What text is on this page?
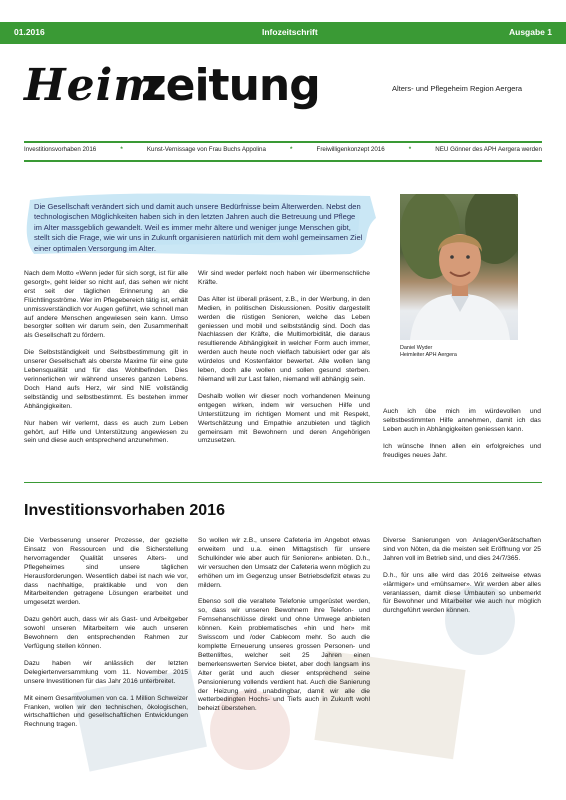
01.2016	Infozeitschrift	Ausgabe 1
Heim
zeitung	Alters- und Pflegeheim Region Aergera
Investitionsvorhaben 2016	*	Kunst-Vernissage von Frau Buchs Appolina	*	Freiwilligenkonzept 2016	*	NEU Gönner des APH Aergera werden
Die Gesellschaft verändert sich und damit auch unsere Bedürfnisse beim Älterwerden. Nebst den technologischen Möglichkeiten haben sich in den letzten Jahren auch die Betreuung und Pflege im Alter massgeblich gewandelt. Weil es immer mehr ältere und weniger junge Menschen gibt, stellt sich die Frage, wie wir uns in Zukunft organisieren natürlich mit dem wohl gemeinsamen Ziel einer optimalen Versorgung im Alter.
Daniel Wyder
Heimleiter APH Aergera

Nach dem Motto «Wenn jeder für sich sorgt, ist für alle gesorgt», geht leider so nicht auf, das sehen wir nicht erst seit der täglichen Erinnerung an die Flüchtlingsströme. Wer im Pflegebereich tätig ist, erhält unmissverständlich vor Augen geführt, wie schnell man auf andere Menschen angewiesen sein kann. Umso besorgter sollten wir darum sein, den Zusammenhalt als Gesellschaft zu fördern.

Die Selbstständigkeit und Selbstbestimmung gilt in unserer Gesellschaft als oberste Maxime für eine gute Lebensqualität und für das Wohlbefinden. Dies verinnerlichen wir während unseres ganzen Lebens. Doch Hand aufs Herz, wir sind NIE vollständig selbständig und selbstbestimmt. Es bestehen immer Abhängigkeiten.

Nur haben wir verlernt, dass es auch zum Leben gehört, auf Hilfe und Unterstützung angewiesen zu sein und diese auch entsprechend anzunehmen.

Wir sind weder perfekt noch haben wir übermenschliche Kräfte.

Das Alter ist überall präsent, z.B., in der Werbung, in den Medien, in politischen Diskussionen. Positiv dargestellt werden die rüstigen Senioren, welche das Leben geniessen und mobil und selbstständig sind. Doch das Nachlassen der Kräfte, die Multimorbidität, die daraus resultierende Abhängigkeit in welcher Form auch immer, werden auch heute noch vielfach tabuisiert oder gar als würdelos und Kostenfaktor bewertet. Alle wollen lang leben, doch alle wollen und sollen gesund sterben. Niemand will zur Last fallen, niemand will abhängig sein.

Deshalb wollen wir dieser noch vorhandenen Meinung entgegen wirken, indem wir versuchen Hilfe und Unterstützung im richtigen Moment und mit Respekt, Wertschätzung und Empathie anzubieten und täglich gemeinsam mit Bewohnern und deren Angehörigen umzusetzen.

Auch ich übe mich im würdevollen und selbstbestimmten Hilfe annehmen, damit ich das Leben auch in Abhängigkeiten geniessen kann.

Ich wünsche Ihnen allen ein erfolgreiches und freudiges neues Jahr.

Investitionsvorhaben 2016

Die Verbesserung unserer Prozesse, der gezielte Einsatz von Ressourcen und die Sicherstellung hervorragender Qualität unseres Alters- und Pflegeheimes sind unsere täglichen Herausforderungen. Wesentlich dabei ist nach wie vor, dass nachhaltige, praktikable und von den Mitarbeitenden getragene Lösungen erarbeitet und umgesetzt werden.

Dazu gehört auch, dass wir als Gast- und Arbeitgeber sowohl unseren Mitarbeitern wie auch unseren Bewohnern den entsprechenden Rahmen zur Verfügung stellen können.

Dazu haben wir anlässlich der letzten Delegiertenversammlung vom 11. November 2015 unsere Investitionen für das Jahr 2016 unterbreitet.

Mit einem Gesamtvolumen von ca. 1 Million Schweizer Franken, wollen wir den technischen, ökologischen, wirtschaftlichen und gesellschaftlichen Entwicklungen Rechnung tragen.

So wollen wir z.B., unsere Cafeteria im Angebot etwas erweitern und u.a. einen Mittagstisch für unsere Schulkinder wie aber auch für Senioren« anbieten. D.h., wir versuchen den Umsatz der Cafeteria wenn möglich zu erhöhen um im Gegenzug unser Betriebsdefizit etwas zu mildern.

Ebenso soll die veraltete Telefonie umgerüstet werden, so, dass wir unseren Bewohnern ihre Telefon- und Fernsehanschlüsse direkt und ohne Umwege anbieten können. Kein problematisches «hin und her» mit Swisscom und /oder Cablecom mehr. So auch die komplette Erneuerung unseres grossen Personen- und Bettenliftes, welcher seit 25 Jahren einen bemerkenswerten Service bietet, aber doch langsam ins Alter gerät und auch dieser entsprechend seine Pensionierung vollends verdient hat. Auch die Sanierung der Heizung wird unabdingbar, damit wir alle die wetterbedingten Hochs- und Tiefs auch in Zukunft wohl beheizt überstehen.

Diverse Sanierungen von Anlagen/Gerätschaften sind von Nöten, da die meisten seit Eröffnung vor 25 Jahren voll im Betrieb sind, und dies 24/7/365.

D.h., für uns alle wird das 2016 zeitweise etwas «lärmiger» und «mühsamer». Wir werden aber alles veranlassen, damit diese Umbauten so unbemerkt für Bewohner und Mitarbeiter wie auch nur möglich durchgeführt werden können.
